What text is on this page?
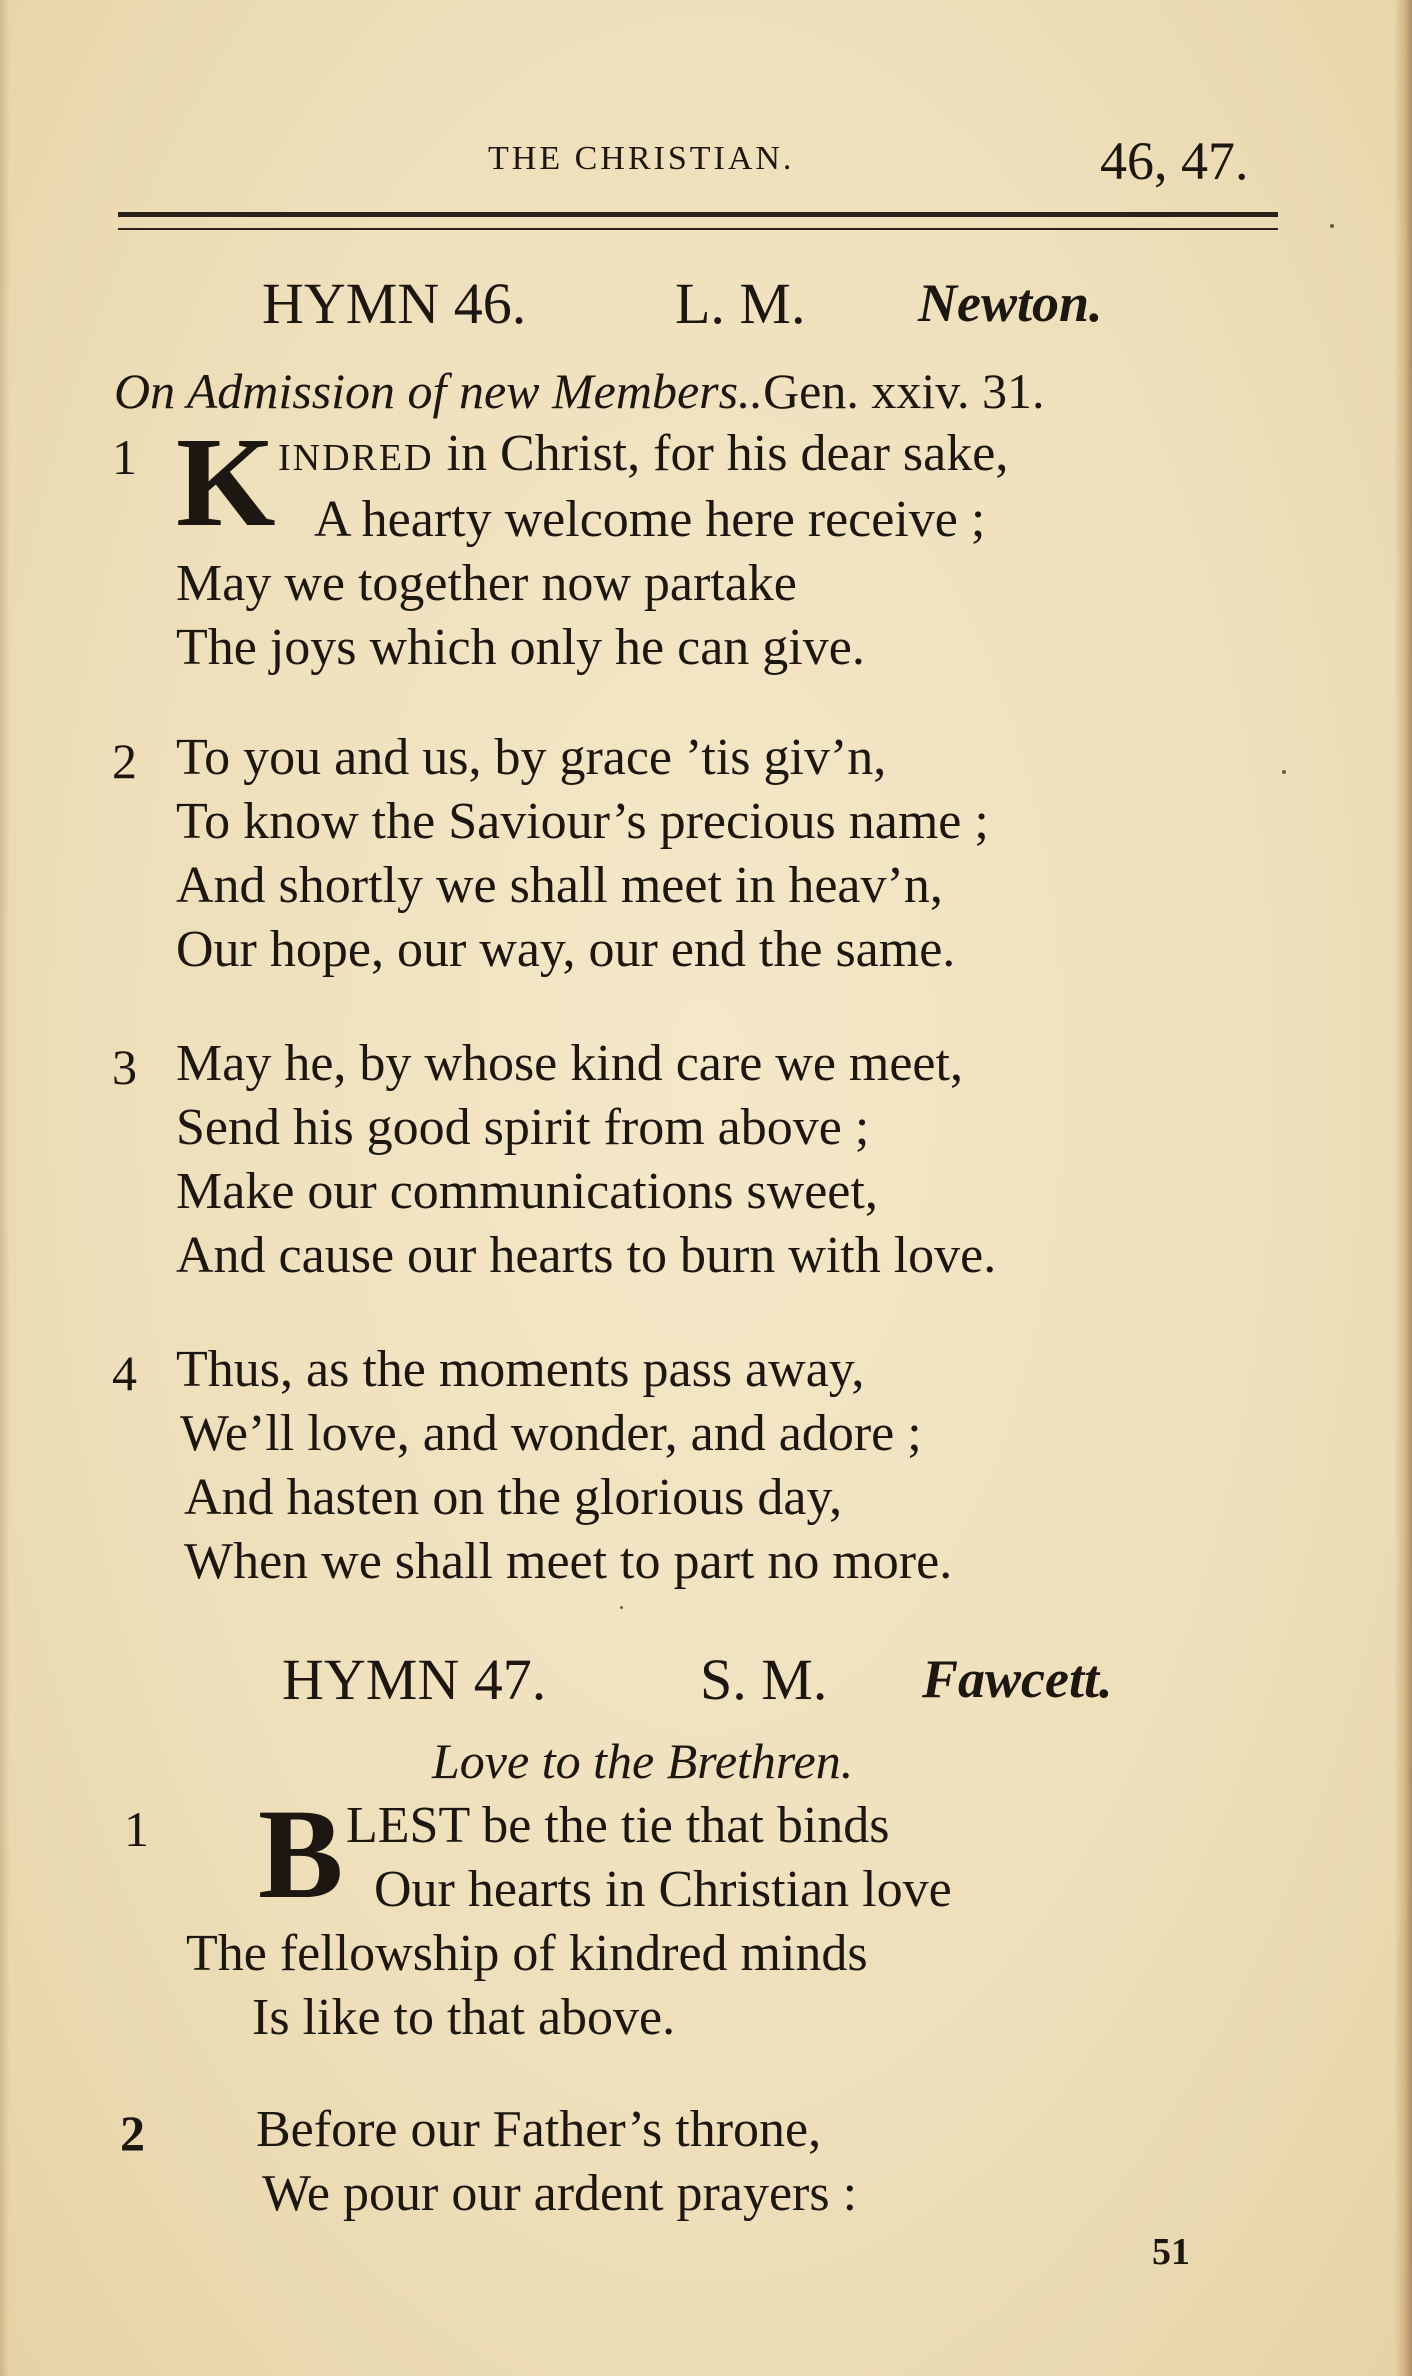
THE CHRISTIAN.	46, 47.
HYMN 46.	L. M. Newton.
On Admission of new Members..Gen. xxiv. 31.
1 K INDRED in Christ, for his dear sake,
A hearty welcome here receive ;
May we together now partake
The joys which only he can give.
2 To you and us, by grace ’tis giv’n,
To know the Saviour’s precious name ;
And shortly we shall meet in heav’n,
Our hope, our way, our end the same.
3 May he, by whose kind care we meet,
Send his good spirit from above ;
Make our communications sweet,
And cause our hearts to burn with love.
4 Thus, as the moments pass away,
We’ll love, and wonder, and adore ;
And hasten on the glorious day,
When we shall meet to part no more.
HYMN 47.	S. M. Fawcett.
Love to the Brethren.
1 B LEST be the tie that binds
Our hearts in Christian love
The fellowship of kindred minds
Is like to that above.
2 Before our Father’s throne,
We pour our ardent prayers :
51
